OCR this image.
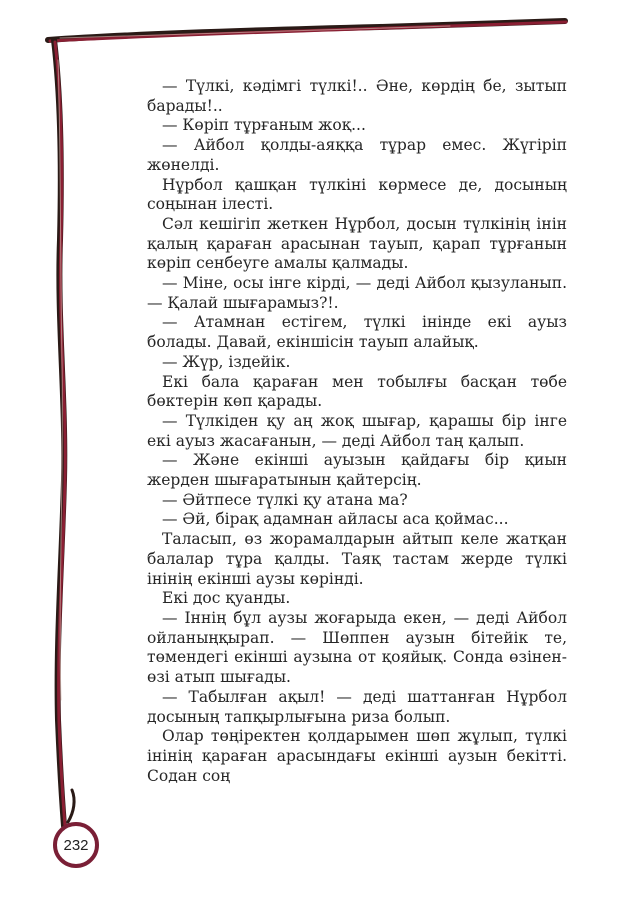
— Түлкі, кәдімгі түлкі!.. Әне, көрдің бе, зытып барады!..

— Көріп тұрғаным жоқ...

— Айбол қолды-аяққа тұрар емес. Жүгіріп жөнелді.

Нұрбол қашқан түлкіні көрмесе де, досының соңынан ілесті.

Сәл кешігіп жеткен Нұрбол, досын түлкінің інін қалың қараған арасынан тауып, қарап тұрғанын көріп сенбеуге амалы қалмады.

— Міне, осы інге кірді, — деді Айбол қызуланып. — Қалай шығарамыз?!.

— Атамнан естігем, түлкі інінде екі ауыз болады. Давай, екіншісін тауып алайық.

— Жүр, іздейік.

Екі бала қараған мен тобылғы басқан төбе бөктерін көп қарады.

— Түлкіден қу аң жоқ шығар, қарашы бір інге екі ауыз жасағанын, — деді Айбол таң қалып.

— Және екінші ауызын қайдағы бір қиын жерден шығаратынын қайтерсің.

— Әйтпесе түлкі қу атана ма?

— Әй, бірақ адамнан айласы аса қоймас...

Таласып, өз жорамалдарын айтып келе жатқан балалар тұра қалды. Таяқ тастам жерде түлкі інінің екінші аузы көрінді.

Екі дос қуанды.

— Іннің бұл аузы жоғарыда екен, — деді Айбол ойланыңқырап. — Шөппен аузын бітейік те, төмендегі екінші аузына от қояйық. Сонда өзінен-өзі атып шығады.

— Табылған ақыл! — деді шаттанған Нұрбол досының тапқырлығына риза болып.

Олар төңіректен қолдарымен шөп жұлып, түлкі інінің қараған арасындағы екінші аузын бекітті. Содан соң

232
